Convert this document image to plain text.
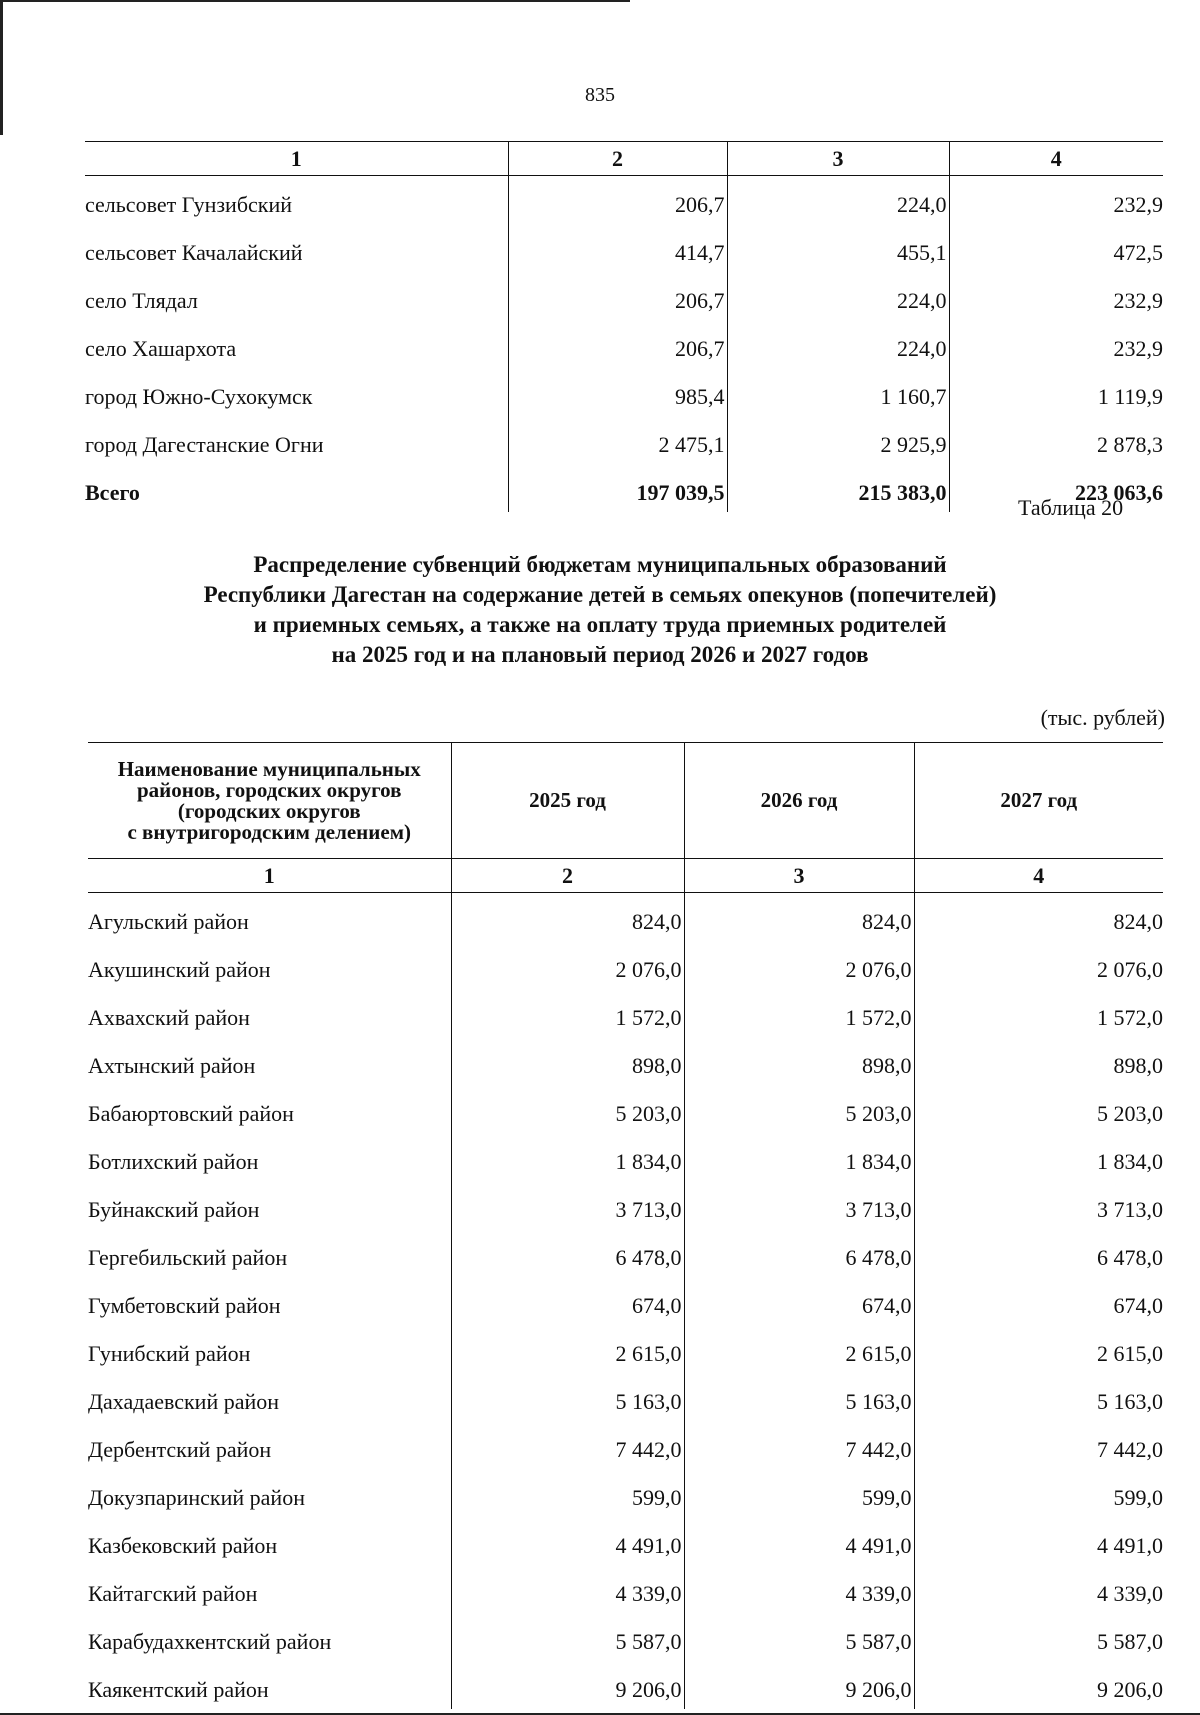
835
1	2	3	4
сельсовет Гунзибский	206,7	224,0	232,9
сельсовет Качалайский	414,7	455,1	472,5
село Тлядал	206,7	224,0	232,9
село Хашархота	206,7	224,0	232,9
город Южно-Сухокумск	985,4	1 160,7	1 119,9
город Дагестанские Огни	2 475,1	2 925,9	2 878,3
Всего	197 039,5	215 383,0	223 063,6
Таблица 20
Распределение субвенций бюджетам муниципальных образований
Республики Дагестан на содержание детей в семьях опекунов (попечителей)
и приемных семьях, а также на оплату труда приемных родителей
на 2025 год и на плановый период 2026 и 2027 годов
(тыс. рублей)
Наименование муниципальных
районов, городских округов
(городских округов
с внутригородским делением)	2025 год	2026 год	2027 год
1	2	3	4
Агульский район	824,0	824,0	824,0
Акушинский район	2 076,0	2 076,0	2 076,0
Ахвахский район	1 572,0	1 572,0	1 572,0
Ахтынский район	898,0	898,0	898,0
Бабаюртовский район	5 203,0	5 203,0	5 203,0
Ботлихский район	1 834,0	1 834,0	1 834,0
Буйнакский район	3 713,0	3 713,0	3 713,0
Гергебильский район	6 478,0	6 478,0	6 478,0
Гумбетовский район	674,0	674,0	674,0
Гунибский район	2 615,0	2 615,0	2 615,0
Дахадаевский район	5 163,0	5 163,0	5 163,0
Дербентский район	7 442,0	7 442,0	7 442,0
Докузпаринский район	599,0	599,0	599,0
Казбековский район	4 491,0	4 491,0	4 491,0
Кайтагский район	4 339,0	4 339,0	4 339,0
Карабудахкентский район	5 587,0	5 587,0	5 587,0
Каякентский район	9 206,0	9 206,0	9 206,0
